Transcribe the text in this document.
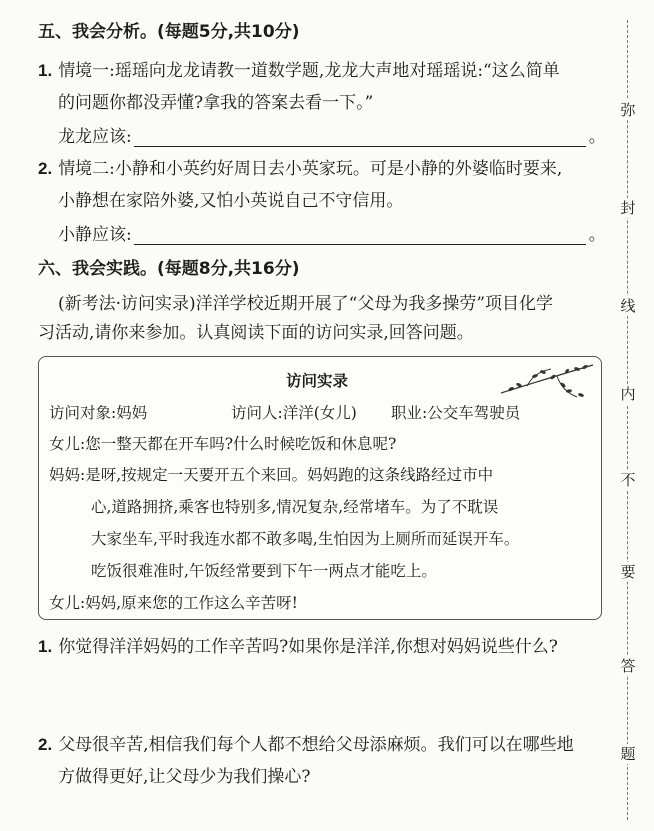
五、我会分析。(每题5分,共10分)
1. 情境一:瑶瑶向龙龙请教一道数学题,龙龙大声地对瑶瑶说:“这么简单
的问题你都没弄懂?拿我的答案去看一下。”
龙龙应该:	。
2. 情境二:小静和小英约好周日去小英家玩。可是小静的外婆临时要来,
小静想在家陪外婆,又怕小英说自己不守信用。
小静应该:	。
六、我会实践。(每题8分,共16分)
(新考法·访问实录)洋洋学校近期开展了“父母为我多操劳”项目化学
习活动,请你来参加。认真阅读下面的访问实录,回答问题。
访问实录
访问对象:妈妈	访问人:洋洋(女儿) 职业:公交车驾驶员
女儿:您一整天都在开车吗?什么时候吃饭和休息呢?
妈妈:是呀,按规定一天要开五个来回。妈妈跑的这条线路经过市中
心,道路拥挤,乘客也特别多,情况复杂,经常堵车。为了不耽误
大家坐车,平时我连水都不敢多喝,生怕因为上厕所而延误开车。
吃饭很难准时,午饭经常要到下午一两点才能吃上。
女儿:妈妈,原来您的工作这么辛苦呀!
1. 你觉得洋洋妈妈的工作辛苦吗?如果你是洋洋,你想对妈妈说些什么?
2. 父母很辛苦,相信我们每个人都不想给父母添麻烦。我们可以在哪些地
方做得更好,让父母少为我们操心?
弥
封
线
内
不
要
答
题
